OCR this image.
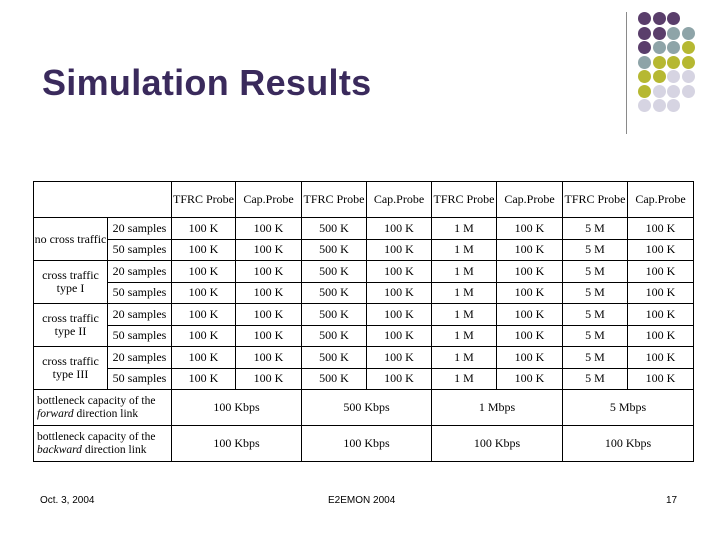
Simulation Results
		TFRC Probe	Cap.Probe	TFRC Probe	Cap.Probe	TFRC Probe	Cap.Probe	TFRC Probe	Cap.Probe
no cross traffic	20 samples	100 K	100 K	500 K	100 K	1 M	100 K	5 M	100 K
	50 samples	100 K	100 K	500 K	100 K	1 M	100 K	5 M	100 K
cross traffic type I	20 samples	100 K	100 K	500 K	100 K	1 M	100 K	5 M	100 K
	50 samples	100 K	100 K	500 K	100 K	1 M	100 K	5 M	100 K
cross traffic type II	20 samples	100 K	100 K	500 K	100 K	1 M	100 K	5 M	100 K
	50 samples	100 K	100 K	500 K	100 K	1 M	100 K	5 M	100 K
cross traffic type III	20 samples	100 K	100 K	500 K	100 K	1 M	100 K	5 M	100 K
	50 samples	100 K	100 K	500 K	100 K	1 M	100 K	5 M	100 K
bottleneck capacity of the
forward direction link		100 Kbps		500 Kbps		1 Mbps		5 Mbps	
bottleneck capacity of the
backward direction link		100 Kbps		100 Kbps		100 Kbps		100 Kbps	
Oct. 3, 2004	E2EMON 2004	17
